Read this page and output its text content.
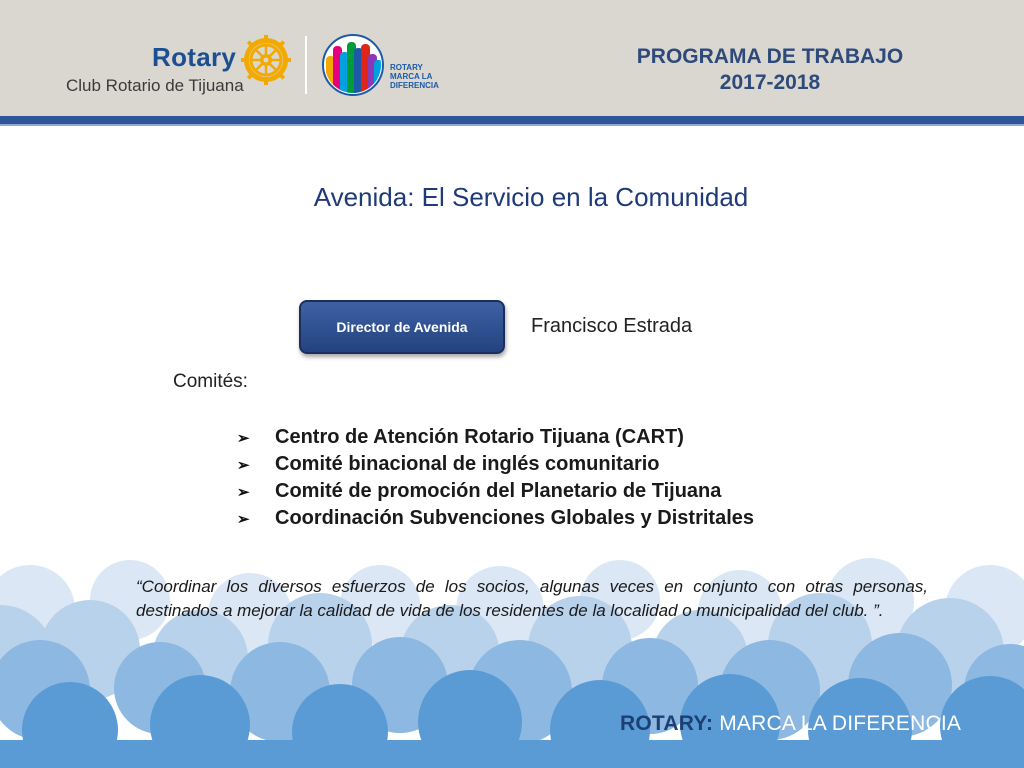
Rotary
Club Rotario de Tijuana
ROTARY
MARCA LA
DIFERENCIA
PROGRAMA DE TRABAJO
2017-2018
Avenida: El Servicio en la Comunidad
Director de Avenida	Francisco Estrada
Comités:
➢	Centro de Atención Rotario Tijuana (CART)
➢	Comité binacional de inglés comunitario
➢	Comité de promoción del Planetario de Tijuana
➢	Coordinación Subvenciones Globales y Distritales
“Coordinar los diversos esfuerzos de los socios, algunas veces en conjunto con otras personas, destinados a mejorar la calidad de vida de los residentes de la localidad o municipalidad del club. ”.
ROTARY: MARCA LA DIFERENCIA
